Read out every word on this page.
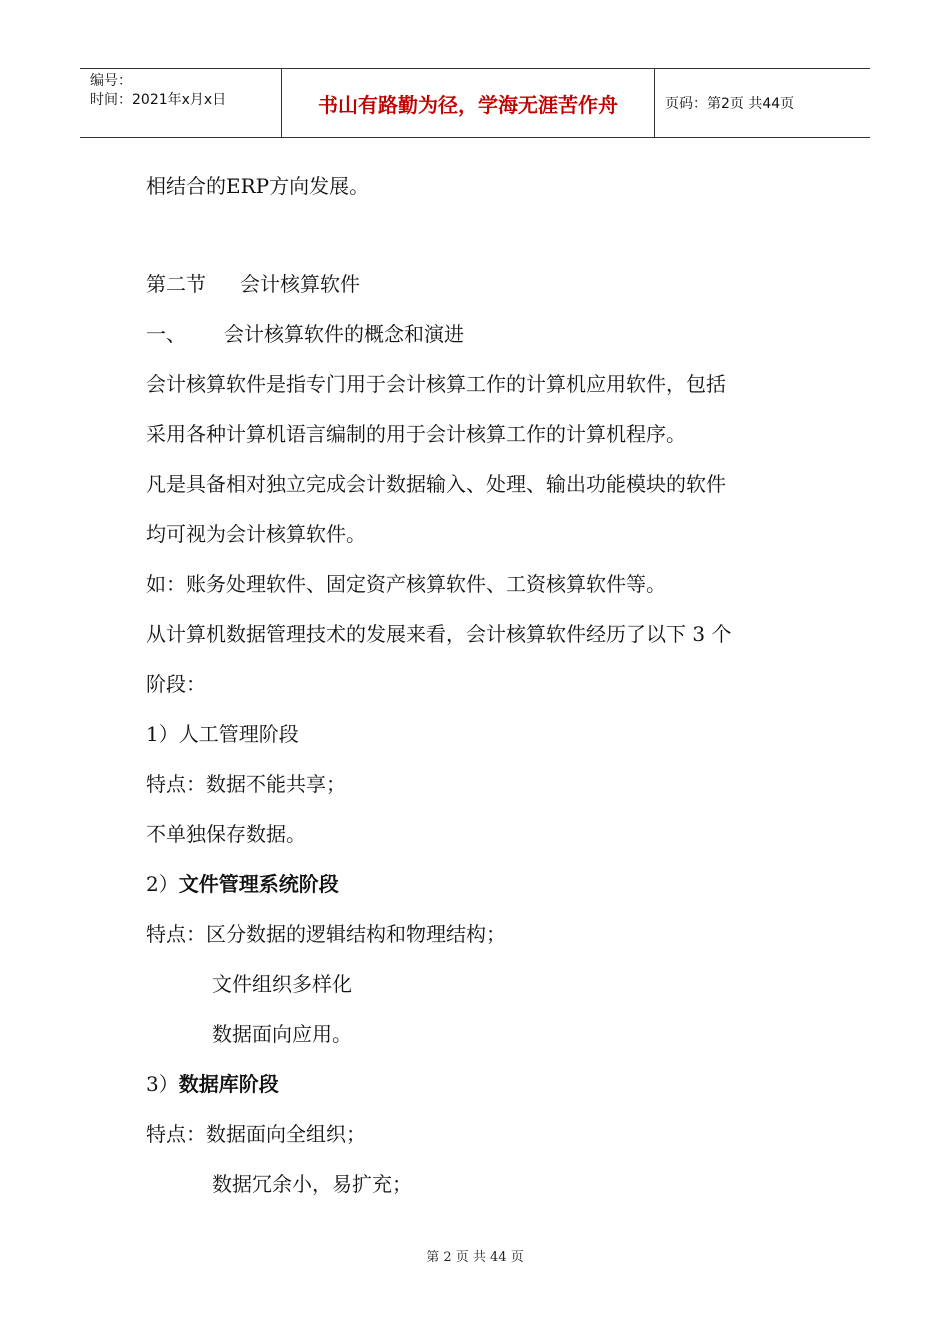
编号：
时间：2021年x月x日	书山有路勤为径，学海无涯苦作舟	页码：第2页 共44页
相结合的ERP方向发展。
第二节 会计核算软件
一、 会计核算软件的概念和演进
会计核算软件是指专门用于会计核算工作的计算机应用软件，包括
采用各种计算机语言编制的用于会计核算工作的计算机程序。
凡是具备相对独立完成会计数据输入、处理、输出功能模块的软件
均可视为会计核算软件。
如：账务处理软件、固定资产核算软件、工资核算软件等。
从计算机数据管理技术的发展来看，会计核算软件经历了以下 3 个
阶段：
1）人工管理阶段
特点：数据不能共享；
不单独保存数据。
2）文件管理系统阶段
特点：区分数据的逻辑结构和物理结构；
文件组织多样化
数据面向应用。
3）数据库阶段
特点：数据面向全组织；
数据冗余小，易扩充；
第 2 页 共 44 页
